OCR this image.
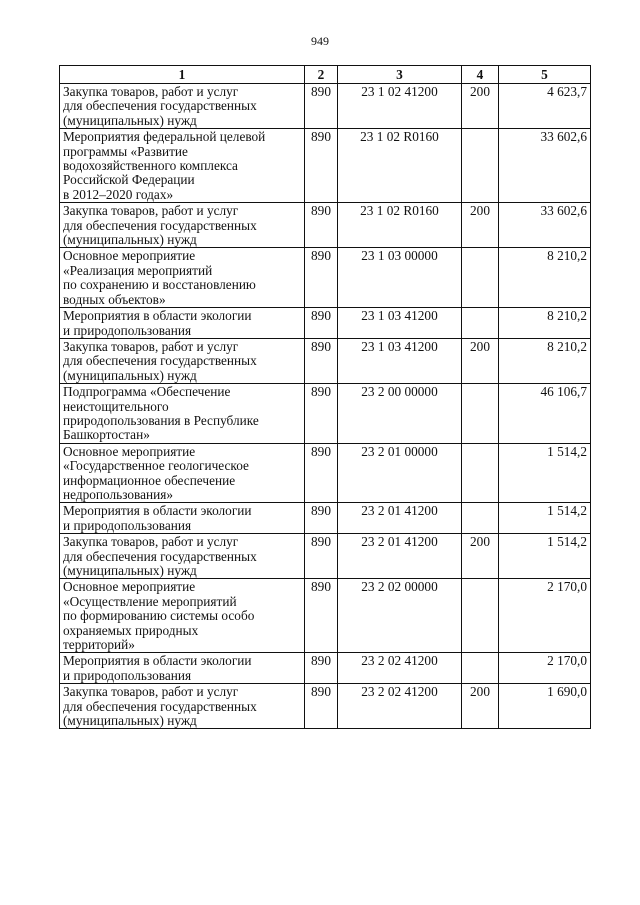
949
1	2	3	4	5

Закупка товаров, работ и услуг
для обеспечения государственных
(муниципальных) нужд	890	23 1 02 41200	200	4 623,7

Мероприятия федеральной целевой
программы «Развитие
водохозяйственного комплекса
Российской Федерации
в 2012–2020 годах»	890	23 1 02 R0160		33 602,6

Закупка товаров, работ и услуг
для обеспечения государственных
(муниципальных) нужд	890	23 1 02 R0160	200	33 602,6

Основное мероприятие
«Реализация мероприятий
по сохранению и восстановлению
водных объектов»	890	23 1 03 00000		8 210,2

Мероприятия в области экологии
и природопользования	890	23 1 03 41200		8 210,2

Закупка товаров, работ и услуг
для обеспечения государственных
(муниципальных) нужд	890	23 1 03 41200	200	8 210,2

Подпрограмма «Обеспечение
неистощительного
природопользования в Республике
Башкортостан»	890	23 2 00 00000		46 106,7

Основное мероприятие
«Государственное геологическое
информационное обеспечение
недропользования»	890	23 2 01 00000		1 514,2

Мероприятия в области экологии
и природопользования	890	23 2 01 41200		1 514,2

Закупка товаров, работ и услуг
для обеспечения государственных
(муниципальных) нужд	890	23 2 01 41200	200	1 514,2

Основное мероприятие
«Осуществление мероприятий
по формированию системы особо
охраняемых природных
территорий»	890	23 2 02 00000		2 170,0

Мероприятия в области экологии
и природопользования	890	23 2 02 41200		2 170,0

Закупка товаров, работ и услуг
для обеспечения государственных
(муниципальных) нужд	890	23 2 02 41200	200	1 690,0
